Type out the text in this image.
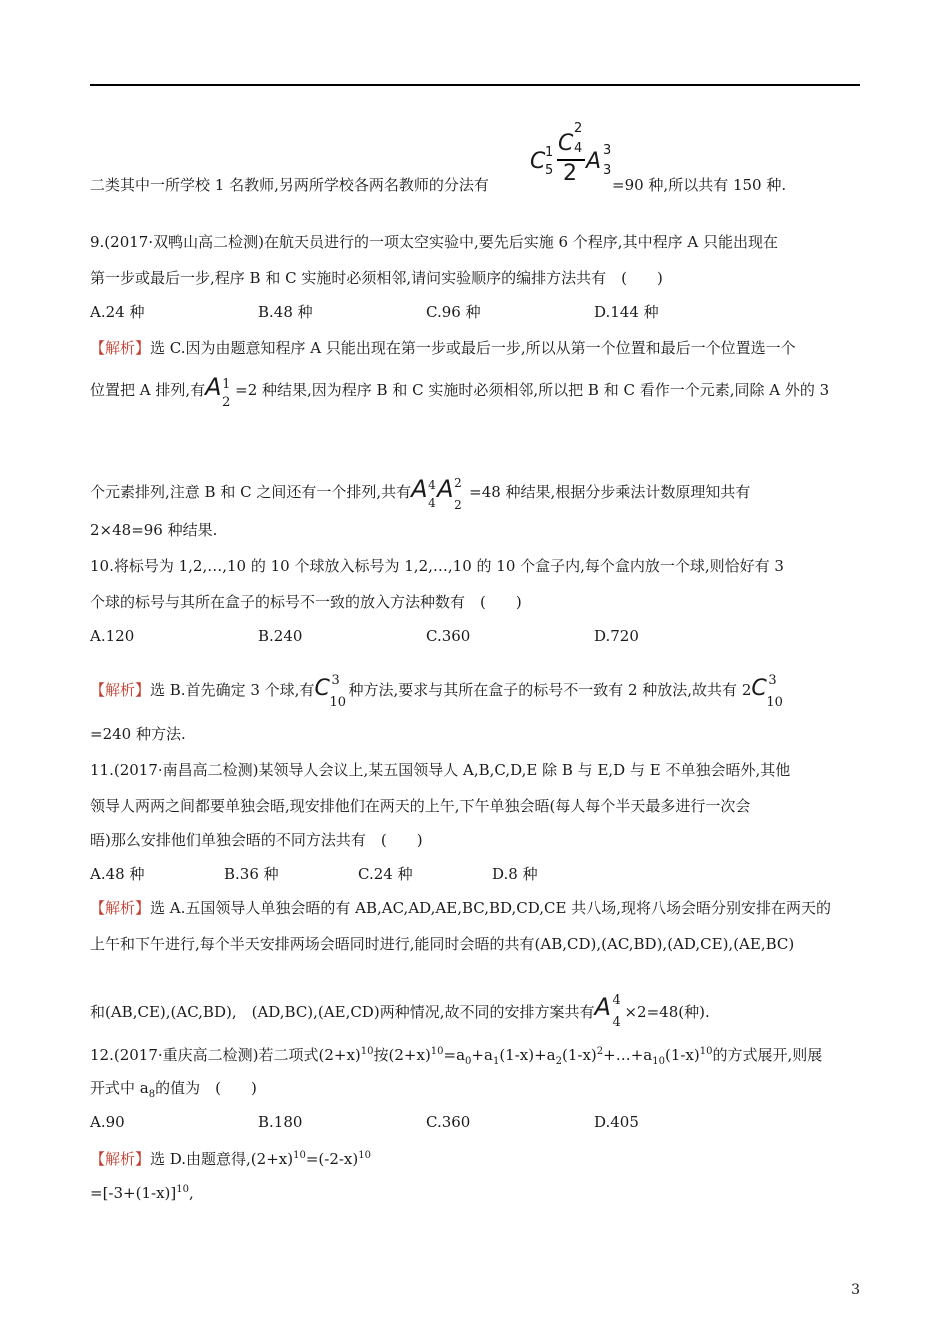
二类其中一所学校 1 名教师,另两所学校各两名教师的分法有
C 1
5
C
2
4
2 A 3
3
=90 种,所以共有 150 种.
9.(2017·双鸭山高二检测)在航天员进行的一项太空实验中,要先后实施 6 个程序,其中程序 A 只能出现在
第一步或最后一步,程序 B 和 C 实施时必须相邻,请问实验顺序的编排方法共有　(　　)
A.24 种	B.48 种	C.96 种	D.144 种
【解析】选 C.因为由题意知程序 A 只能出现在第一步或最后一步,所以从第一个位置和最后一个位置选一个
位置把 A 排列,有 A 1
2
=2 种结果,因为程序 B 和 C 实施时必须相邻,所以把 B 和 C 看作一个元素,同除 A 外的 3
个元素排列,注意 B 和 C 之间还有一个排列,共有 A 4
4 A 2
2
=48 种结果,根据分步乘法计数原理知共有
2×48=96 种结果.
10.将标号为 1,2,…,10 的 10 个球放入标号为 1,2,…,10 的 10 个盒子内,每个盒内放一个球,则恰好有 3
个球的标号与其所在盒子的标号不一致的放入方法种数有　(　　)
A.120	B.240	C.360	D.720
【解析】选 B.首先确定 3 个球,有 C 3
10
种方法,要求与其所在盒子的标号不一致有 2 种放法,故共有 2 C 3
10
=240 种方法.
11.(2017·南昌高二检测)某领导人会议上,某五国领导人 A,B,C,D,E 除 B 与 E,D 与 E 不单独会晤外,其他
领导人两两之间都要单独会晤,现安排他们在两天的上午,下午单独会晤(每人每个半天最多进行一次会
晤)那么安排他们单独会晤的不同方法共有　(　　)
A.48 种	B.36 种	C.24 种	D.8 种
【解析】选 A.五国领导人单独会晤的有 AB,AC,AD,AE,BC,BD,CD,CE 共八场,现将八场会晤分别安排在两天的
上午和下午进行,每个半天安排两场会晤同时进行,能同时会晤的共有(AB,CD),(AC,BD),(AD,CE),(AE,BC)
和(AB,CE),(AC,BD),　(AD,BC),(AE,CD)两种情况,故不同的安排方案共有 A 4
4
×2=48(种).
12.(2017·重庆高二检测)若二项式$(2+x)^{10}$按$(2+x)^{10}=a_0+a_1(1-x)+a_2(1-x)^2+\dots+a_{10}(1-x)^{10}$的方式展开,则展
开式中 $a_8$的值为　(　　)
A.90	B.180	C.360	D.405
【解析】选 D.由题意得$,(2+x)^{10}=(-2-x)^{10}$
$=[-3+(1-x)]^{10}$,
3
